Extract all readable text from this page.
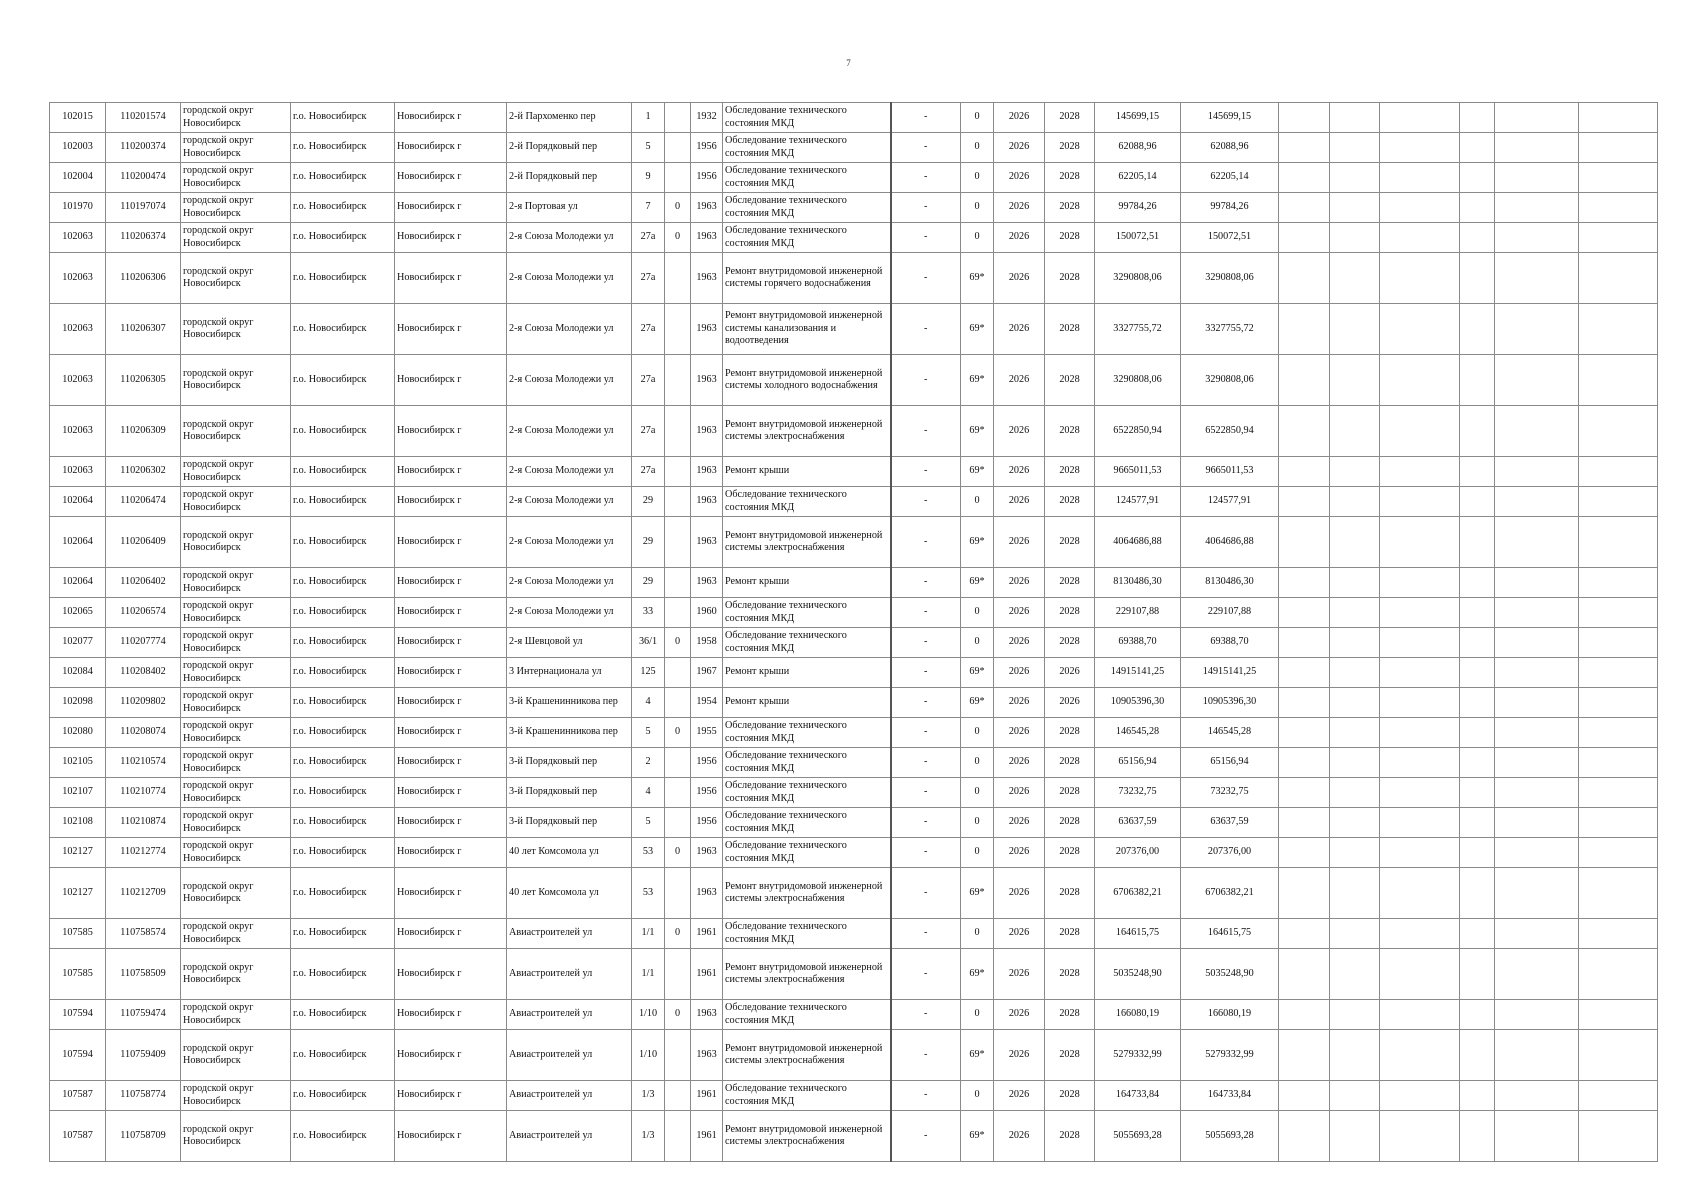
7
102015	110201574	городской округ Новосибирск	г.о. Новосибирск	Новосибирск г	2-й Пархоменко пер	1		1932	Обследование технического состояния МКД	-	0	2026	2028	145699,15	145699,15						
102003	110200374	городской округ Новосибирск	г.о. Новосибирск	Новосибирск г	2-й Порядковый пер	5		1956	Обследование технического состояния МКД	-	0	2026	2028	62088,96	62088,96						
102004	110200474	городской округ Новосибирск	г.о. Новосибирск	Новосибирск г	2-й Порядковый пер	9		1956	Обследование технического состояния МКД	-	0	2026	2028	62205,14	62205,14						
101970	110197074	городской округ Новосибирск	г.о. Новосибирск	Новосибирск г	2-я Портовая ул	7	0	1963	Обследование технического состояния МКД	-	0	2026	2028	99784,26	99784,26						
102063	110206374	городской округ Новосибирск	г.о. Новосибирск	Новосибирск г	2-я Союза Молодежи ул	27а	0	1963	Обследование технического состояния МКД	-	0	2026	2028	150072,51	150072,51						
102063	110206306	городской округ Новосибирск	г.о. Новосибирск	Новосибирск г	2-я Союза Молодежи ул	27а		1963	Ремонт внутридомовой инженерной системы горячего водоснабжения	-	69*	2026	2028	3290808,06	3290808,06						
102063	110206307	городской округ Новосибирск	г.о. Новосибирск	Новосибирск г	2-я Союза Молодежи ул	27а		1963	Ремонт внутридомовой инженерной системы канализования и водоотведения	-	69*	2026	2028	3327755,72	3327755,72						
102063	110206305	городской округ Новосибирск	г.о. Новосибирск	Новосибирск г	2-я Союза Молодежи ул	27а		1963	Ремонт внутридомовой инженерной системы холодного водоснабжения	-	69*	2026	2028	3290808,06	3290808,06						
102063	110206309	городской округ Новосибирск	г.о. Новосибирск	Новосибирск г	2-я Союза Молодежи ул	27а		1963	Ремонт внутридомовой инженерной системы электроснабжения	-	69*	2026	2028	6522850,94	6522850,94						
102063	110206302	городской округ Новосибирск	г.о. Новосибирск	Новосибирск г	2-я Союза Молодежи ул	27а		1963	Ремонт крыши	-	69*	2026	2028	9665011,53	9665011,53						
102064	110206474	городской округ Новосибирск	г.о. Новосибирск	Новосибирск г	2-я Союза Молодежи ул	29		1963	Обследование технического состояния МКД	-	0	2026	2028	124577,91	124577,91						
102064	110206409	городской округ Новосибирск	г.о. Новосибирск	Новосибирск г	2-я Союза Молодежи ул	29		1963	Ремонт внутридомовой инженерной системы электроснабжения	-	69*	2026	2028	4064686,88	4064686,88						
102064	110206402	городской округ Новосибирск	г.о. Новосибирск	Новосибирск г	2-я Союза Молодежи ул	29		1963	Ремонт крыши	-	69*	2026	2028	8130486,30	8130486,30						
102065	110206574	городской округ Новосибирск	г.о. Новосибирск	Новосибирск г	2-я Союза Молодежи ул	33		1960	Обследование технического состояния МКД	-	0	2026	2028	229107,88	229107,88						
102077	110207774	городской округ Новосибирск	г.о. Новосибирск	Новосибирск г	2-я Шевцовой ул	36/1	0	1958	Обследование технического состояния МКД	-	0	2026	2028	69388,70	69388,70						
102084	110208402	городской округ Новосибирск	г.о. Новосибирск	Новосибирск г	3 Интернационала ул	125		1967	Ремонт крыши	-	69*	2026	2026	14915141,25	14915141,25						
102098	110209802	городской округ Новосибирск	г.о. Новосибирск	Новосибирск г	3-й Крашенинникова пер	4		1954	Ремонт крыши	-	69*	2026	2026	10905396,30	10905396,30						
102080	110208074	городской округ Новосибирск	г.о. Новосибирск	Новосибирск г	3-й Крашенинникова пер	5	0	1955	Обследование технического состояния МКД	-	0	2026	2028	146545,28	146545,28						
102105	110210574	городской округ Новосибирск	г.о. Новосибирск	Новосибирск г	3-й Порядковый пер	2		1956	Обследование технического состояния МКД	-	0	2026	2028	65156,94	65156,94						
102107	110210774	городской округ Новосибирск	г.о. Новосибирск	Новосибирск г	3-й Порядковый пер	4		1956	Обследование технического состояния МКД	-	0	2026	2028	73232,75	73232,75						
102108	110210874	городской округ Новосибирск	г.о. Новосибирск	Новосибирск г	3-й Порядковый пер	5		1956	Обследование технического состояния МКД	-	0	2026	2028	63637,59	63637,59						
102127	110212774	городской округ Новосибирск	г.о. Новосибирск	Новосибирск г	40 лет Комсомола ул	53	0	1963	Обследование технического состояния МКД	-	0	2026	2028	207376,00	207376,00						
102127	110212709	городской округ Новосибирск	г.о. Новосибирск	Новосибирск г	40 лет Комсомола ул	53		1963	Ремонт внутридомовой инженерной системы электроснабжения	-	69*	2026	2028	6706382,21	6706382,21						
107585	110758574	городской округ Новосибирск	г.о. Новосибирск	Новосибирск г	Авиастроителей ул	1/1	0	1961	Обследование технического состояния МКД	-	0	2026	2028	164615,75	164615,75						
107585	110758509	городской округ Новосибирск	г.о. Новосибирск	Новосибирск г	Авиастроителей ул	1/1		1961	Ремонт внутридомовой инженерной системы электроснабжения	-	69*	2026	2028	5035248,90	5035248,90						
107594	110759474	городской округ Новосибирск	г.о. Новосибирск	Новосибирск г	Авиастроителей ул	1/10	0	1963	Обследование технического состояния МКД	-	0	2026	2028	166080,19	166080,19						
107594	110759409	городской округ Новосибирск	г.о. Новосибирск	Новосибирск г	Авиастроителей ул	1/10		1963	Ремонт внутридомовой инженерной системы электроснабжения	-	69*	2026	2028	5279332,99	5279332,99						
107587	110758774	городской округ Новосибирск	г.о. Новосибирск	Новосибирск г	Авиастроителей ул	1/3		1961	Обследование технического состояния МКД	-	0	2026	2028	164733,84	164733,84						
107587	110758709	городской округ Новосибирск	г.о. Новосибирск	Новосибирск г	Авиастроителей ул	1/3		1961	Ремонт внутридомовой инженерной системы электроснабжения	-	69*	2026	2028	5055693,28	5055693,28						
